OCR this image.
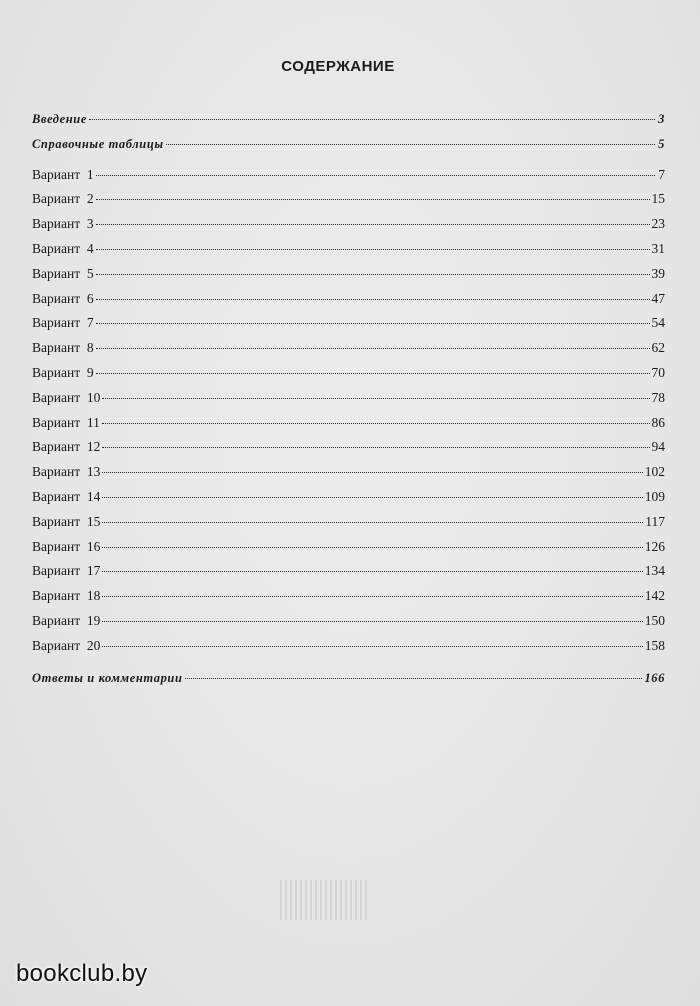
СОДЕРЖАНИЕ
Введение	3
Справочные таблицы	5
Вариант  1	7
Вариант  2	15
Вариант  3	23
Вариант  4	31
Вариант  5	39
Вариант  6	47
Вариант  7	54
Вариант  8	62
Вариант  9	70
Вариант  10	78
Вариант  11	86
Вариант  12	94
Вариант  13	102
Вариант  14	109
Вариант  15	117
Вариант  16	126
Вариант  17	134
Вариант  18	142
Вариант  19	150
Вариант  20	158
Ответы и комментарии	166
bookclub.by
